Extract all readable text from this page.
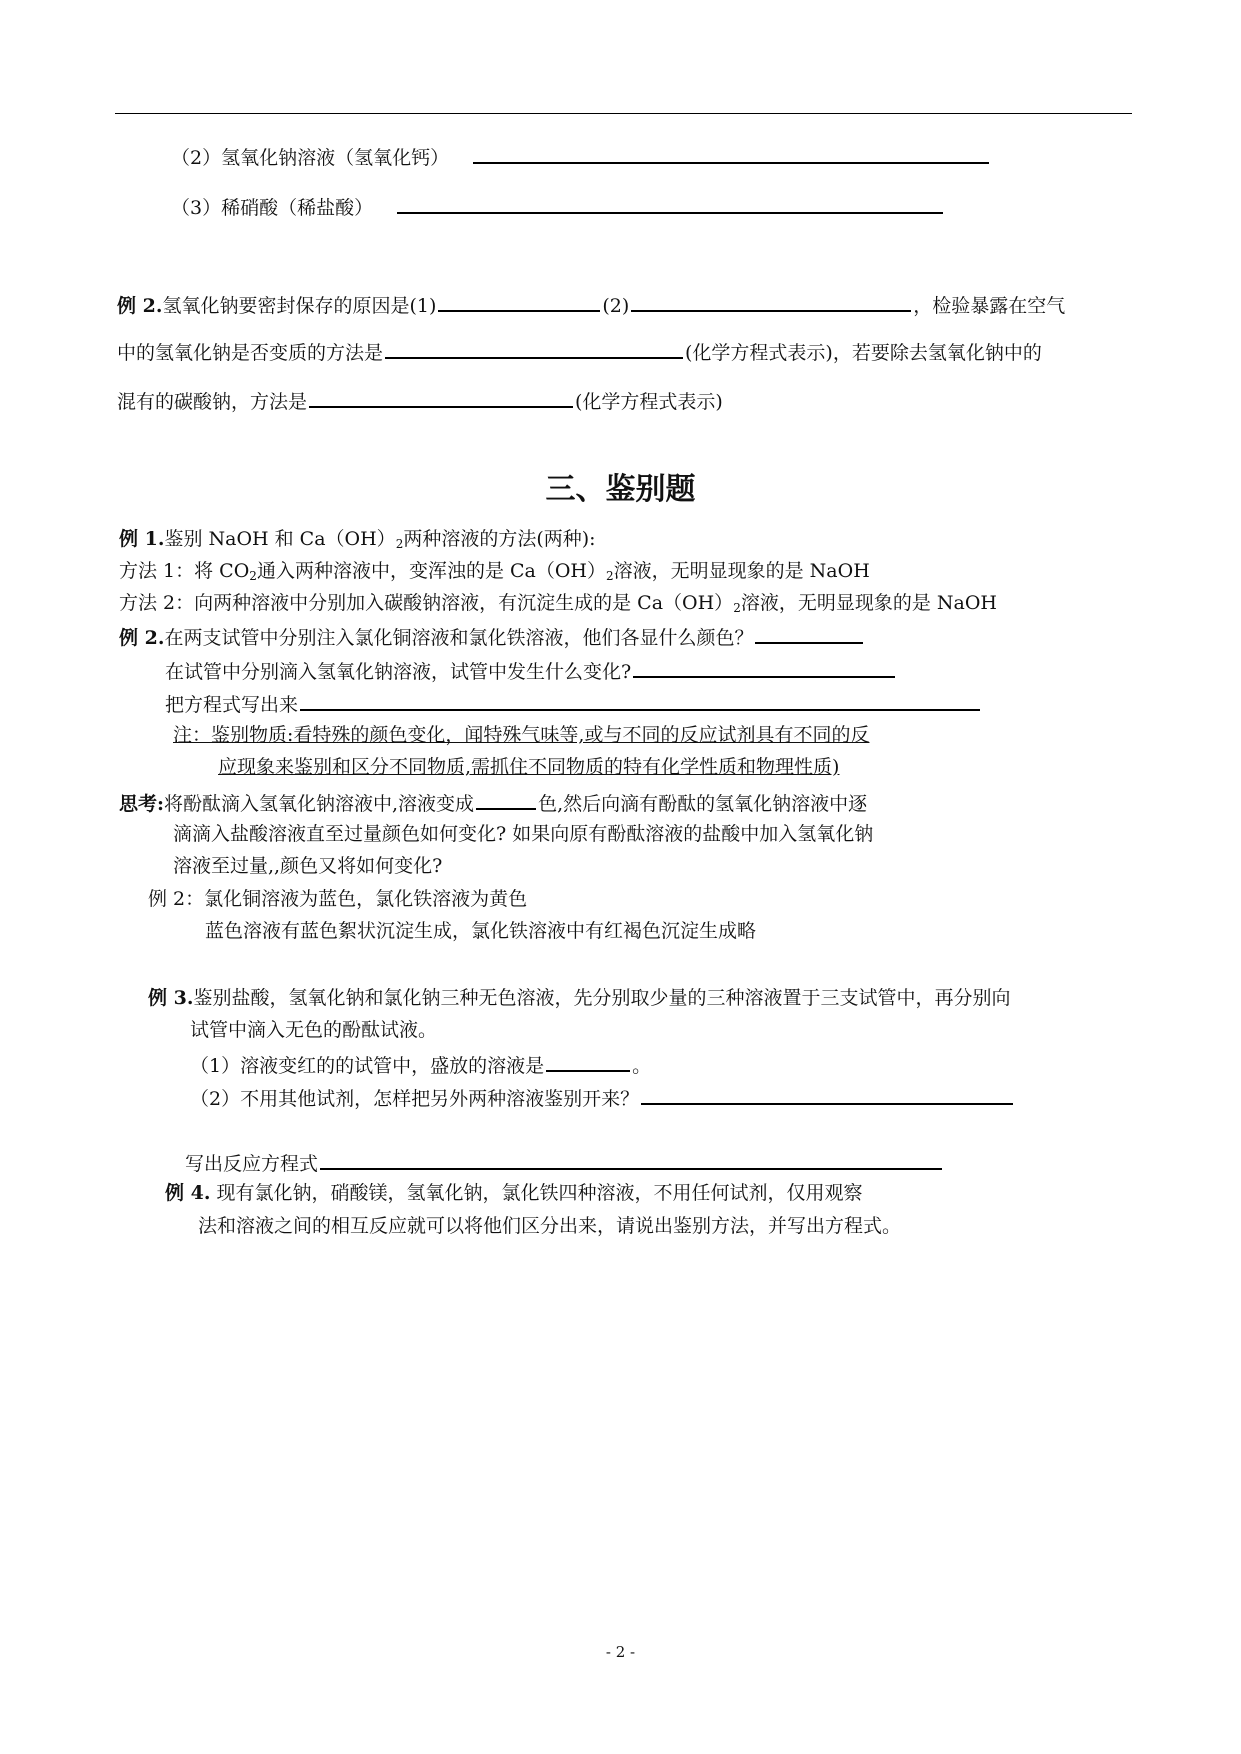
（2）氢氧化钠溶液（氢氧化钙）
（3）稀硝酸（稀盐酸）
例 2.氢氧化钠要密封保存的原因是(1)	(2)	，检验暴露在空气
中的氢氧化钠是否变质的方法是	(化学方程式表示)，若要除去氢氧化钠中的
混有的碳酸钠，方法是	(化学方程式表示)
三、鉴别题
例 1.鉴别 NaOH 和 $Ca(OH)_2$两种溶液的方法(两种):
方法 1：将 $CO_2$通入两种溶液中，变浑浊的是 $Ca(OH)_2$溶液，无明显现象的是 NaOH
方法 2：向两种溶液中分别加入碳酸钠溶液，有沉淀生成的是 $Ca(OH)_2$溶液，无明显现象的是 NaOH
例 2.在两支试管中分别注入氯化铜溶液和氯化铁溶液，他们各显什么颜色？
在试管中分别滴入氢氧化钠溶液，试管中发生什么变化?
把方程式写出来
注：鉴别物质:看特殊的颜色变化，闻特殊气味等,或与不同的反应试剂具有不同的反
应现象来鉴别和区分不同物质,需抓住不同物质的特有化学性质和物理性质)
思考:将酚酞滴入氢氧化钠溶液中,溶液变成	色,然后向滴有酚酞的氢氧化钠溶液中逐
滴滴入盐酸溶液直至过量颜色如何变化? 如果向原有酚酞溶液的盐酸中加入氢氧化钠
溶液至过量,,颜色又将如何变化?
例 2：氯化铜溶液为蓝色，氯化铁溶液为黄色
蓝色溶液有蓝色絮状沉淀生成，氯化铁溶液中有红褐色沉淀生成略
例 3.鉴别盐酸，氢氧化钠和氯化钠三种无色溶液，先分别取少量的三种溶液置于三支试管中，再分别向
试管中滴入无色的酚酞试液。
（1）溶液变红的的试管中，盛放的溶液是	。
（2）不用其他试剂，怎样把另外两种溶液鉴别开来？
写出反应方程式
例 4. 现有氯化钠，硝酸镁，氢氧化钠，氯化铁四种溶液，不用任何试剂，仅用观察
法和溶液之间的相互反应就可以将他们区分出来，请说出鉴别方法，并写出方程式。
- 2 -
